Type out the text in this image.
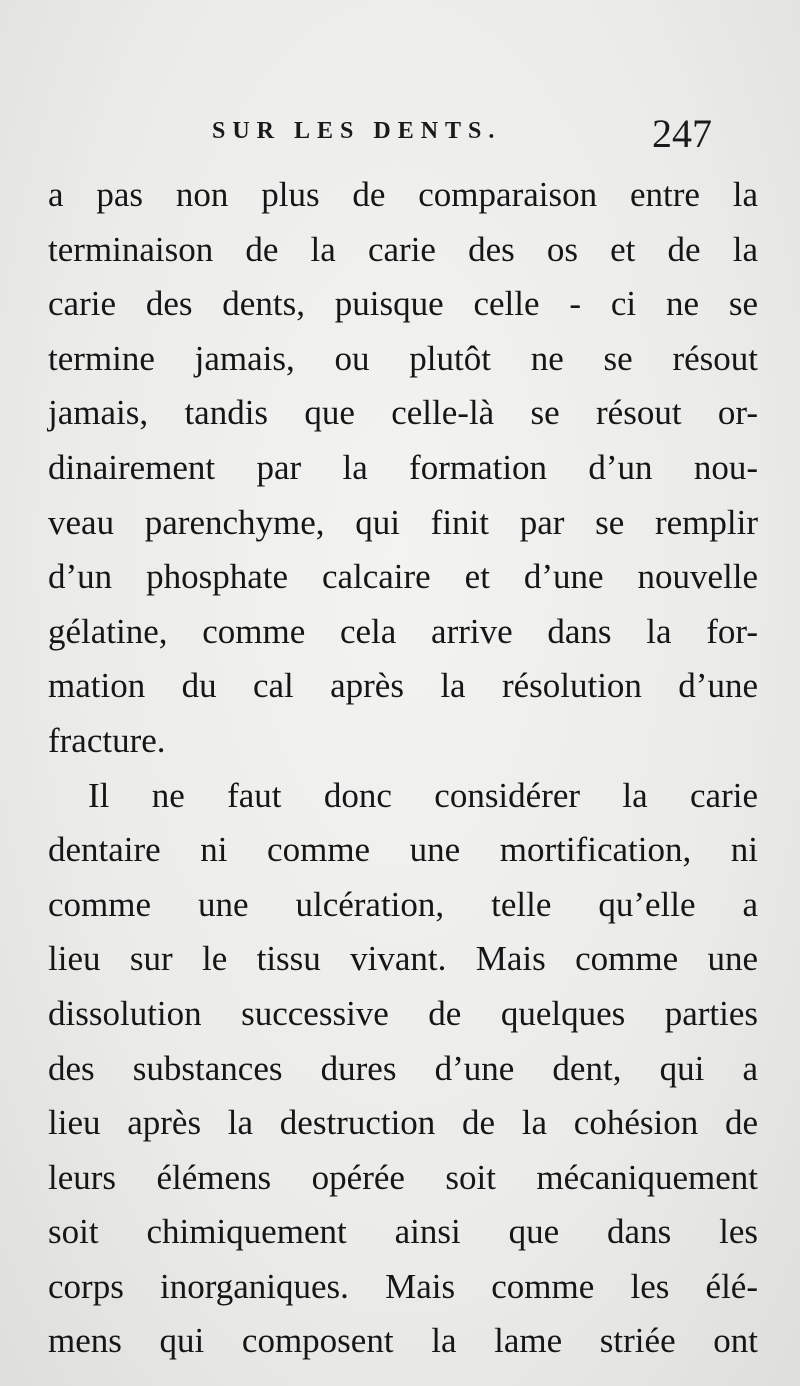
SUR LES DENTS.	247
a pas non plus de comparaison entre la
terminaison de la carie des os et de la
carie des dents, puisque celle - ci ne se
termine jamais, ou plutôt ne se résout
jamais, tandis que celle-là se résout or-
dinairement par la formation d’un nou-
veau parenchyme, qui finit par se remplir
d’un phosphate calcaire et d’une nouvelle
gélatine, comme cela arrive dans la for-
mation du cal après la résolution d’une
fracture.
Il ne faut donc considérer la carie
dentaire ni comme une mortification, ni
comme une ulcération, telle qu’elle a
lieu sur le tissu vivant. Mais comme une
dissolution successive de quelques parties
des substances dures d’une dent, qui a
lieu après la destruction de la cohésion de
leurs élémens opérée soit mécaniquement
soit chimiquement ainsi que dans les
corps inorganiques. Mais comme les élé-
mens qui composent la lame striée ont
